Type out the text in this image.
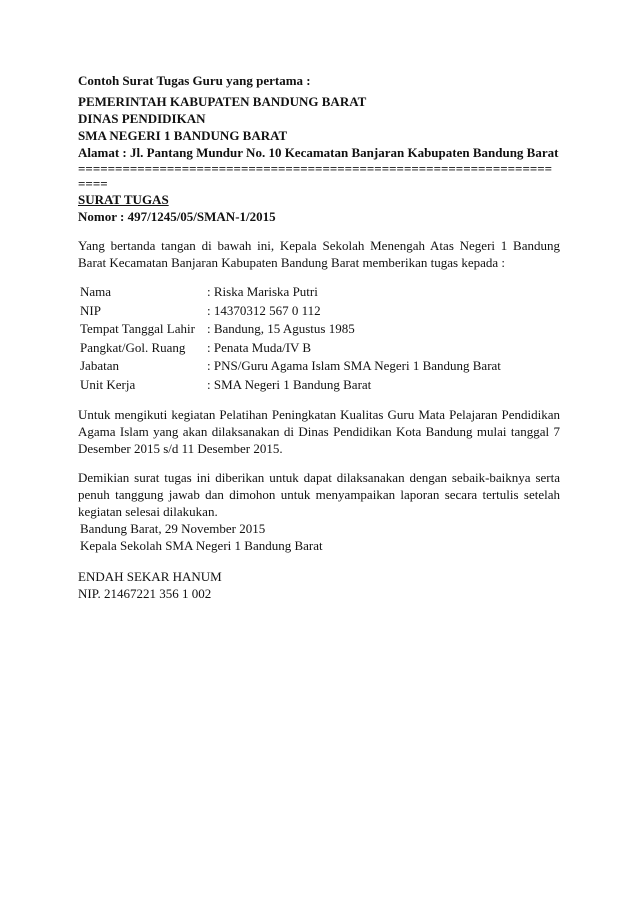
Contoh Surat Tugas Guru yang pertama :
PEMERINTAH KABUPATEN BANDUNG BARAT
DINAS PENDIDIKAN
SMA NEGERI 1 BANDUNG BARAT
Alamat : Jl. Pantang Mundur No. 10 Kecamatan Banjaran Kabupaten Bandung Barat
================================================================
====
SURAT TUGAS
Nomor : 497/1245/05/SMAN-1/2015
Yang bertanda tangan di bawah ini, Kepala Sekolah Menengah Atas Negeri 1 Bandung Barat Kecamatan Banjaran Kabupaten Bandung Barat memberikan tugas kepada :
Nama	: Riska Mariska Putri
NIP	: 14370312 567 0 112
Tempat Tanggal Lahir	: Bandung, 15 Agustus 1985
Pangkat/Gol. Ruang	: Penata Muda/IV B
Jabatan	: PNS/Guru Agama Islam SMA Negeri 1 Bandung Barat
Unit Kerja	: SMA Negeri 1 Bandung Barat
Untuk mengikuti kegiatan Pelatihan Peningkatan Kualitas Guru Mata Pelajaran Pendidikan Agama Islam yang akan dilaksanakan di Dinas Pendidikan Kota Bandung mulai tanggal 7 Desember 2015 s/d 11 Desember 2015.
Demikian surat tugas ini diberikan untuk dapat dilaksanakan dengan sebaik-baiknya serta penuh tanggung jawab dan dimohon untuk menyampaikan laporan secara tertulis setelah kegiatan selesai dilakukan.
Bandung Barat, 29 November 2015
Kepala Sekolah SMA Negeri 1 Bandung Barat
ENDAH SEKAR HANUM
NIP. 21467221 356 1 002
